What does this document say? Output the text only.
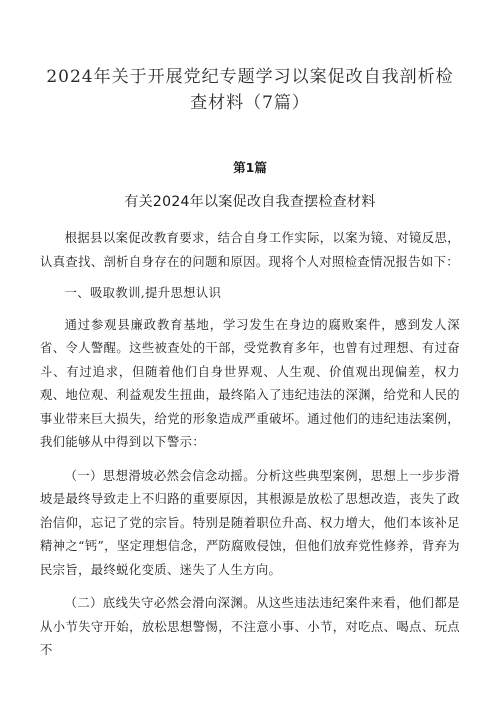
2024年关于开展党纪专题学习以案促改自我剖析检查材料（7篇）
第1篇
有关2024年以案促改自我查摆检查材料

根据县以案促改教育要求，结合自身工作实际，以案为镜、对镜反思，认真查找、剖析自身存在的问题和原因。现将个人对照检查情况报告如下：

一、吸取教训,提升思想认识

通过参观县廉政教育基地，学习发生在身边的腐败案件，感到发人深省、令人警醒。这些被查处的干部，受党教育多年，也曾有过理想、有过奋斗、有过追求，但随着他们自身世界观、人生观、价值观出现偏差，权力观、地位观、利益观发生扭曲，最终陷入了违纪违法的深渊，给党和人民的事业带来巨大损失，给党的形象造成严重破坏。通过他们的违纪违法案例，我们能够从中得到以下警示：

（一）思想滑坡必然会信念动摇。分析这些典型案例，思想上一步步滑坡是最终导致走上不归路的重要原因，其根源是放松了思想改造，丧失了政治信仰，忘记了党的宗旨。特别是随着职位升高、权力增大，他们本该补足精神之“钙”，坚定理想信念，严防腐败侵蚀，但他们放弃党性修养，背弃为民宗旨，最终蜕化变质、迷失了人生方向。

（二）底线失守必然会滑向深渊。从这些违法违纪案件来看，他们都是从小节失守开始，放松思想警惕，不注意小事、小节，对吃点、喝点、玩点不
